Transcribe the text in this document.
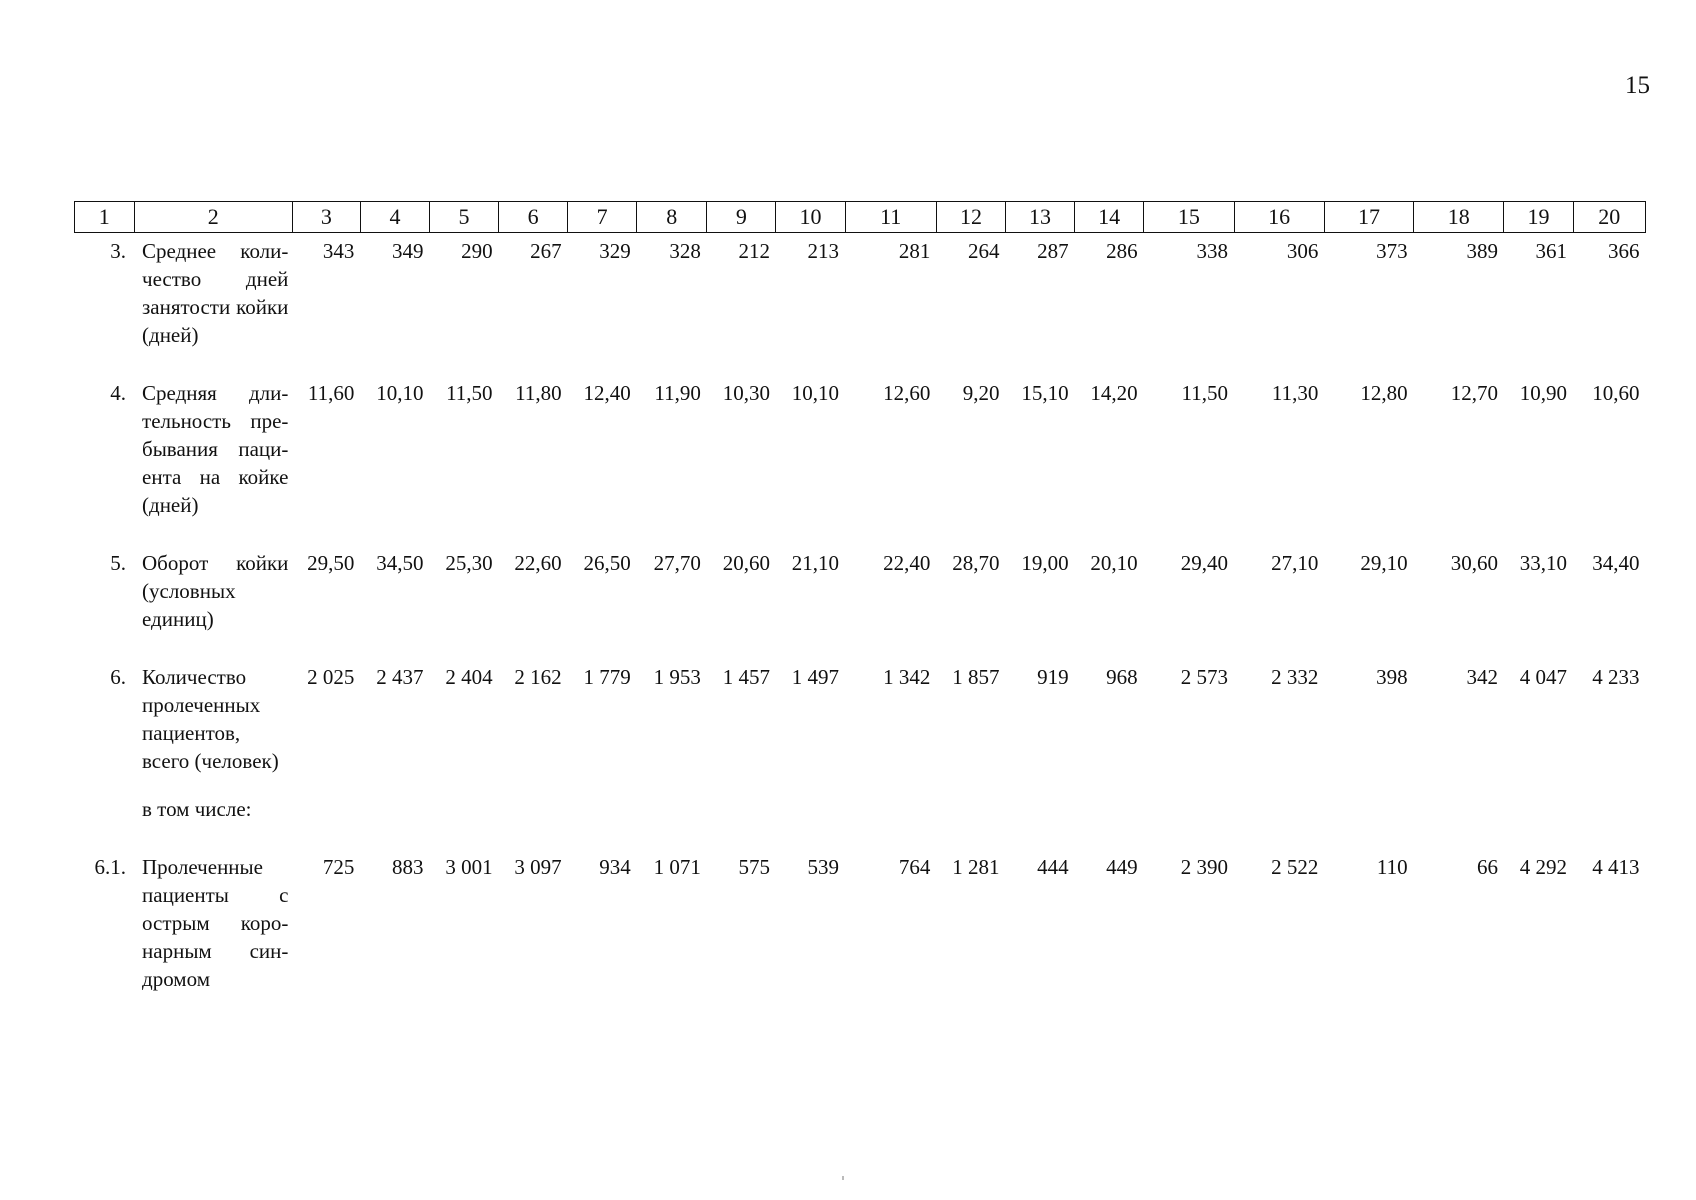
15
1	2	3	4	5	6	7	8	9	10	11	12	13	14	15	16	17	18	19	20
3.	Среднее количество дней занятости койки (дней)	343	349	290	267	329	328	212	213	281	264	287	286	338	306	373	389	361	366

4.	Средняя длительность пребывания пациента на койке (дней)	11,60	10,10	11,50	11,80	12,40	11,90	10,30	10,10	12,60	9,20	15,10	14,20	11,50	11,30	12,80	12,70	10,90	10,60

5.	Оборот койки (условных единиц)	29,50	34,50	25,30	22,60	26,50	27,70	20,60	21,10	22,40	28,70	19,00	20,10	29,40	27,10	29,10	30,60	33,10	34,40

6.	Количество пролеченных пациентов, всего (человек)	2 025	2 437	2 404	2 162	1 779	1 953	1 457	1 497	1 342	1 857	919	968	2 573	2 332	398	342	4 047	4 233

	в том числе:																		

6.1.	Пролеченные пациенты с острым коронарным синдромом	725	883	3 001	3 097	934	1 071	575	539	764	1 281	444	449	2 390	2 522	110	66	4 292	4 413
